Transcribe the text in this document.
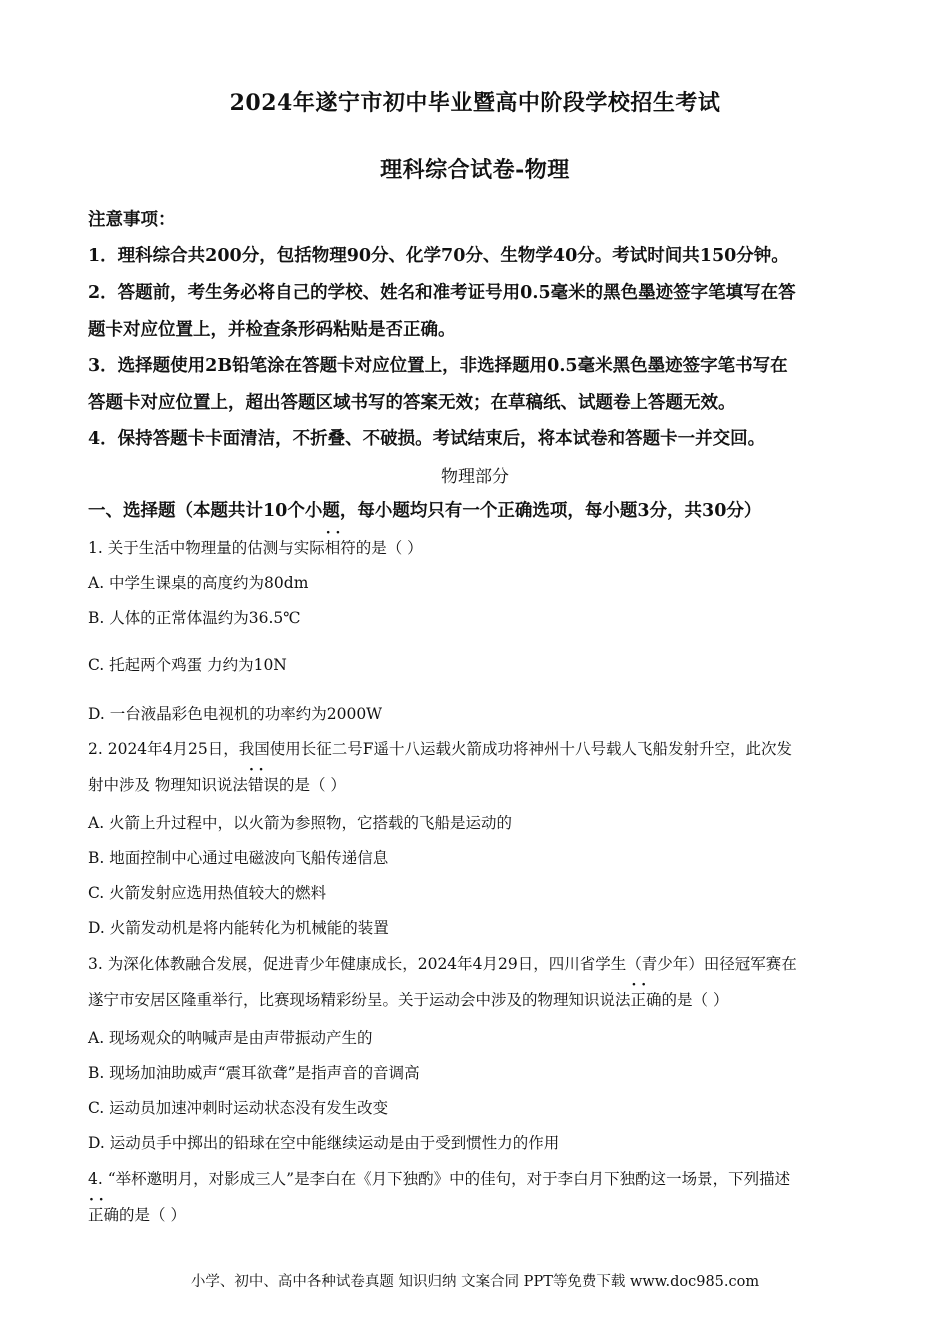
2024年遂宁市初中毕业暨高中阶段学校招生考试
理科综合试卷-物理
注意事项：
1．理科综合共200分，包括物理90分、化学70分、生物学40分。考试时间共150分钟。
2．答题前，考生务必将自己的学校、姓名和准考证号用0.5毫米的黑色墨迹签字笔填写在答
题卡对应位置上，并检查条形码粘贴是否正确。
3．选择题使用2B铅笔涂在答题卡对应位置上，非选择题用0.5毫米黑色墨迹签字笔书写在
答题卡对应位置上，超出答题区域书写的答案无效；在草稿纸、试题卷上答题无效。
4．保持答题卡卡面清洁，不折叠、不破损。考试结束后，将本试卷和答题卡一并交回。
物理部分
一、选择题（本题共计10个小题，每小题均只有一个正确选项，每小题3分，共30分）
1. 关于生活中物理量的估测与实际· · 相符的是（ ）
A. 中学生课桌的高度约为80dm
B. 人体的正常体温约为36.5℃
C. 托起两个鸡蛋 力约为10N
D. 一台液晶彩色电视机的功率约为2000W
2. 2024年4月25日，我国使用长征二号F遥十八运载火箭成功将神州十八号载人飞船发射升空，此次发
射中涉及 物理知识说法· · 错误的是（ ）
A. 火箭上升过程中，以火箭为参照物，它搭载的飞船是运动的
B. 地面控制中心通过电磁波向飞船传递信息
C. 火箭发射应选用热值较大的燃料
D. 火箭发动机是将内能转化为机械能的装置
3. 为深化体教融合发展，促进青少年健康成长，2024年4月29日，四川省学生（青少年）田径冠军赛在
遂宁市安居区隆重举行，比赛现场精彩纷呈。关于运动会中涉及的物理知识说法· · 正确的是（ ）
A. 现场观众的呐喊声是由声带振动产生的
B. 现场加油助威声“震耳欲聋”是指声音的音调高
C. 运动员加速冲刺时运动状态没有发生改变
D. 运动员手中掷出的铅球在空中能继续运动是由于受到惯性力的作用
4. “举杯邀明月，对影成三人”是李白在《月下独酌》中的佳句，对于李白月下独酌这一场景，下列描述
· · 正确的是（ ）
小学、初中、高中各种试卷真题 知识归纳 文案合同 PPT等免费下载 www.doc985.com
